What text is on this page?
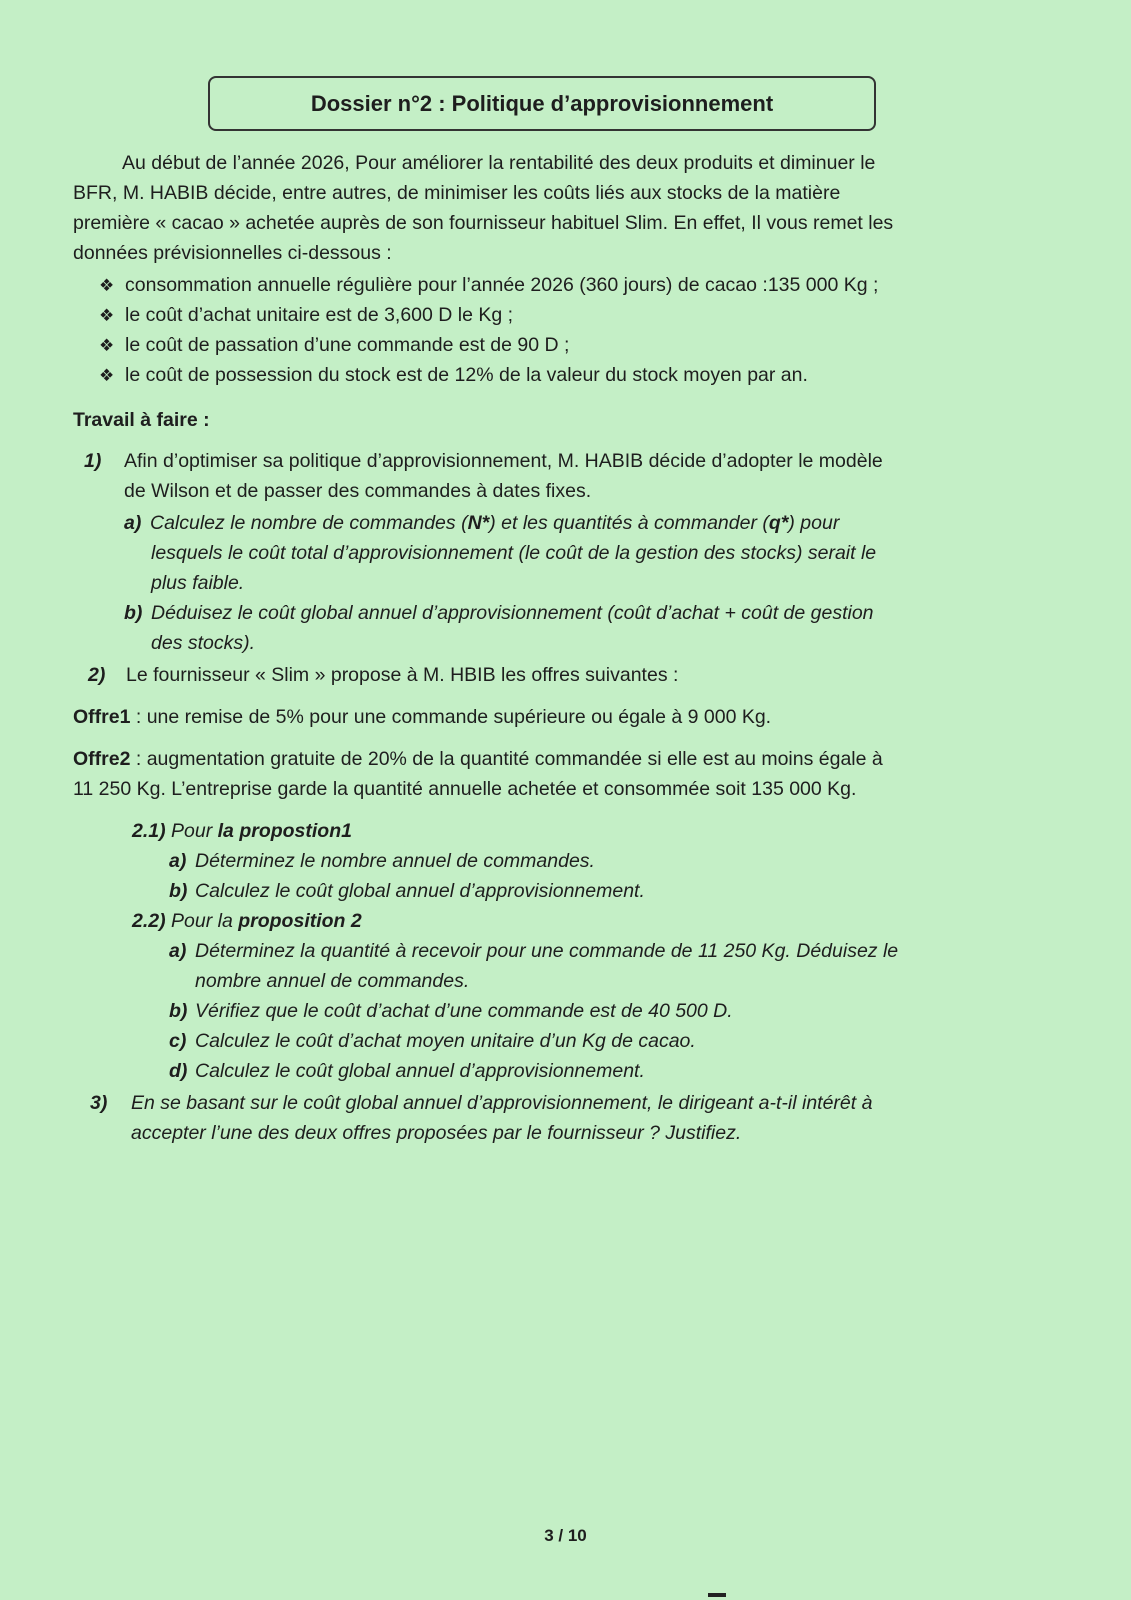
Dossier n°2 : Politique d’approvisionnement
Au début de l’année 2026, Pour améliorer la rentabilité des deux produits et diminuer le
BFR, M. HABIB décide, entre autres, de minimiser les coûts liés aux stocks de la matière
première « cacao » achetée auprès de son fournisseur habituel Slim. En effet, Il vous remet les
données prévisionnelles ci-dessous :
❖ consommation annuelle régulière pour l’année 2026 (360 jours) de cacao :135 000 Kg ;
❖ le coût d’achat unitaire est de 3,600 D le Kg ;
❖ le coût de passation d’une commande est de 90 D ;
❖ le coût de possession du stock est de 12% de la valeur du stock moyen par an.
Travail à faire :
1) Afin d’optimiser sa politique d’approvisionnement, M. HABIB décide d’adopter le modèle
de Wilson et de passer des commandes à dates fixes.
a) Calculez le nombre de commandes (N*) et les quantités à commander (q*) pour
lesquels le coût total d’approvisionnement (le coût de la gestion des stocks) serait le
plus faible.
b) Déduisez le coût global annuel d’approvisionnement (coût d’achat + coût de gestion
des stocks).
2) Le fournisseur « Slim » propose à M. HBIB les offres suivantes :
Offre1 : une remise de 5% pour une commande supérieure ou égale à 9 000 Kg.
Offre2 : augmentation gratuite de 20% de la quantité commandée si elle est au moins égale à
11 250 Kg. L’entreprise garde la quantité annuelle achetée et consommée soit 135 000 Kg.
2.1) Pour la propostion1
a) Déterminez le nombre annuel de commandes.
b) Calculez le coût global annuel d’approvisionnement.
2.2) Pour la proposition 2
a) Déterminez la quantité à recevoir pour une commande de 11 250 Kg. Déduisez le
nombre annuel de commandes.
b) Vérifiez que le coût d’achat d’une commande est de 40 500 D.
c) Calculez le coût d’achat moyen unitaire d’un Kg de cacao.
d) Calculez le coût global annuel d’approvisionnement.
3) En se basant sur le coût global annuel d’approvisionnement, le dirigeant a-t-il intérêt à
accepter l’une des deux offres proposées par le fournisseur ? Justifiez.
3 / 10
